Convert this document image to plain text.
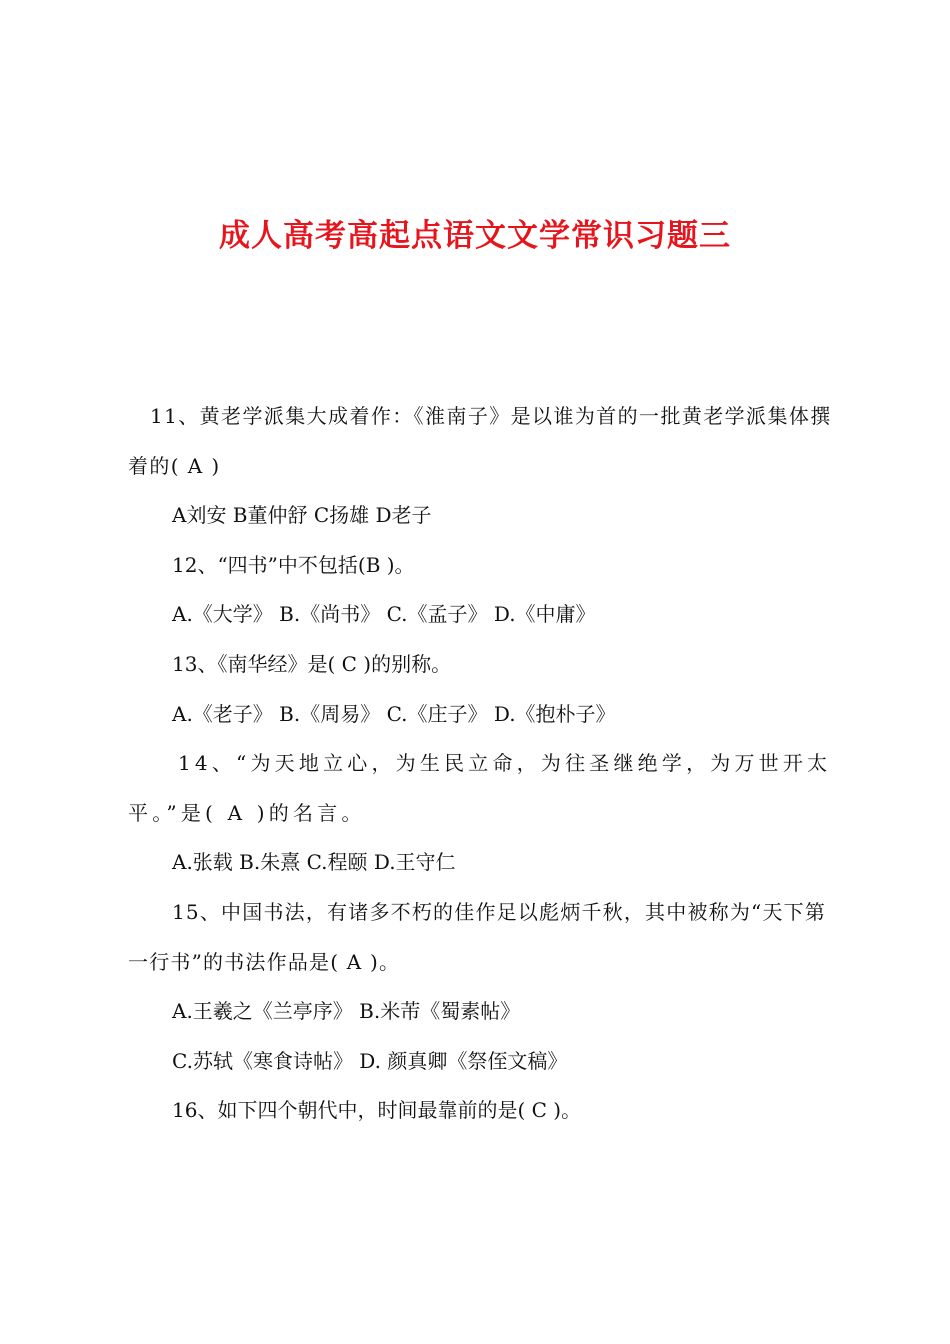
成人高考高起点语文文学常识习题三

11、黄老学派集大成着作：《淮南子》是以谁为首的一批黄老学派集体撰着的( A )

A刘安 B董仲舒 C扬雄 D老子

12、“四书”中不包括(B )。

A.《大学》 B.《尚书》 C.《孟子》 D.《中庸》

13、《南华经》是( C )的别称。

A.《老子》 B.《周易》 C.《庄子》 D.《抱朴子》

14、“为天地立心，为生民立命，为往圣继绝学，为万世开太平。”是( A )的名言。

A.张载 B.朱熹 C.程颐 D.王守仁

15、中国书法，有诸多不朽的佳作足以彪炳千秋，其中被称为“天下第一行书”的书法作品是( A )。

A.王羲之《兰亭序》 B.米芾《蜀素帖》

C.苏轼《寒食诗帖》 D. 颜真卿《祭侄文稿》

16、如下四个朝代中，时间最靠前的是( C )。
